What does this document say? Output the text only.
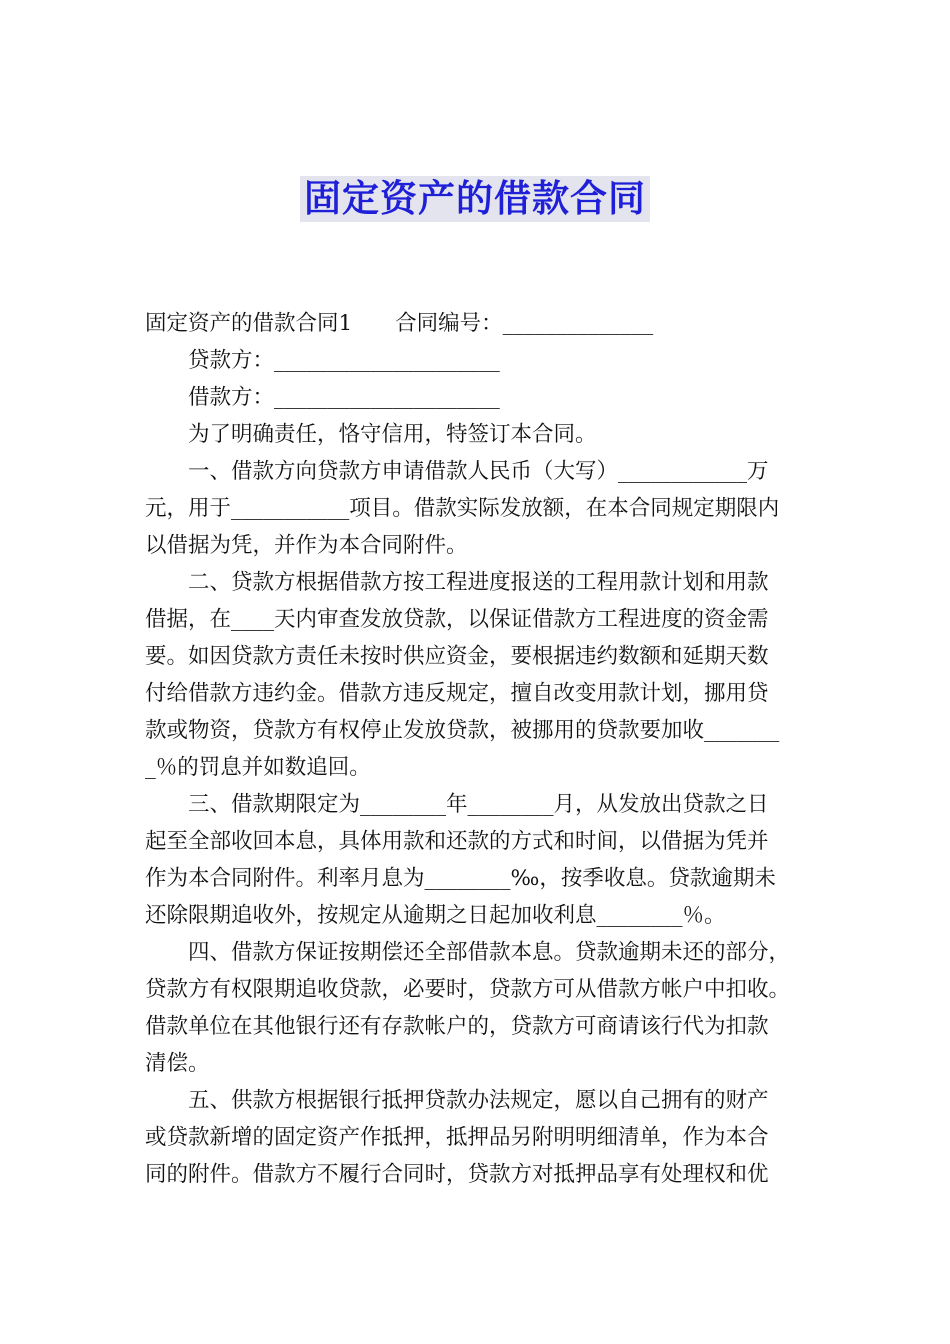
固定资产的借款合同
固定资产的借款合同1　　合同编号：______________
贷款方：_____________________
借款方：_____________________
为了明确责任，恪守信用，特签订本合同。
一、借款方向贷款方申请借款人民币（大写）____________万
元，用于___________项目。借款实际发放额，在本合同规定期限内
以借据为凭，并作为本合同附件。
二、贷款方根据借款方按工程进度报送的工程用款计划和用款
借据，在____天内审查发放贷款，以保证借款方工程进度的资金需
要。如因贷款方责任未按时供应资金，要根据违约数额和延期天数
付给借款方违约金。借款方违反规定，擅自改变用款计划，挪用贷
款或物资，贷款方有权停止发放贷款，被挪用的贷款要加收_______
_％的罚息并如数追回。
三、借款期限定为________年________月，从发放出贷款之日
起至全部收回本息，具体用款和还款的方式和时间，以借据为凭并
作为本合同附件。利率月息为________‰，按季收息。贷款逾期未
还除限期追收外，按规定从逾期之日起加收利息________％。
四、借款方保证按期偿还全部借款本息。贷款逾期未还的部分，
贷款方有权限期追收贷款，必要时，贷款方可从借款方帐户中扣收。
借款单位在其他银行还有存款帐户的，贷款方可商请该行代为扣款
清偿。
五、供款方根据银行抵押贷款办法规定，愿以自己拥有的财产
或贷款新增的固定资产作抵押，抵押品另附明明细清单，作为本合
同的附件。借款方不履行合同时，贷款方对抵押品享有处理权和优
